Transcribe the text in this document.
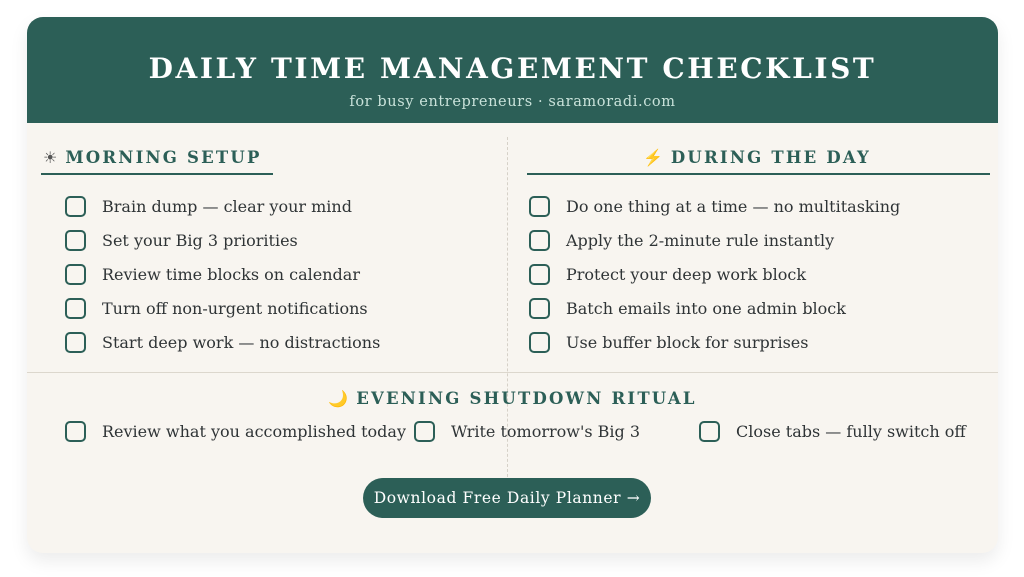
DAILY TIME MANAGEMENT CHECKLIST
for busy entrepreneurs · saramoradi.com
☀ MORNING SETUP
Brain dump — clear your mind
Set your Big 3 priorities
Review time blocks on calendar
Turn off non-urgent notifications
Start deep work — no distractions
⚡ DURING THE DAY
Do one thing at a time — no multitasking
Apply the 2-minute rule instantly
Protect your deep work block
Batch emails into one admin block
Use buffer block for surprises
🌙 EVENING SHUTDOWN RITUAL
Review what you accomplished today	Write tomorrow's Big 3	Close tabs — fully switch off
Download Free Daily Planner →
